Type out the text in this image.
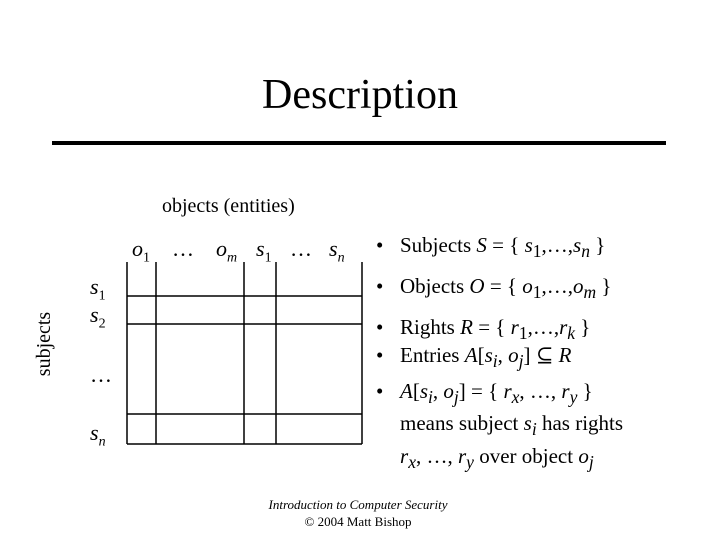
Description
objects (entities)
subjects
$o_1$ … $o_m$ $s_1$ … $s_n$
$s_1$
$s_2$
…
$s_n$
• Subjects S = { $s_1,\dots,s_n$ }
• Objects O = { $o_1,\dots,o_m$ }
• Rights R = { $r_1,\dots,r_k$ }
• Entries $A[s_i$, $o_j$] ⊆ R
• $A[s_i$, $o_j$] = { $r_x$, …, $r_y$ }
means subject $s_i$ has rights
$r_x$, …, $r_y$ over object $o_j$
Introduction to Computer Security
© 2004 Matt Bishop
